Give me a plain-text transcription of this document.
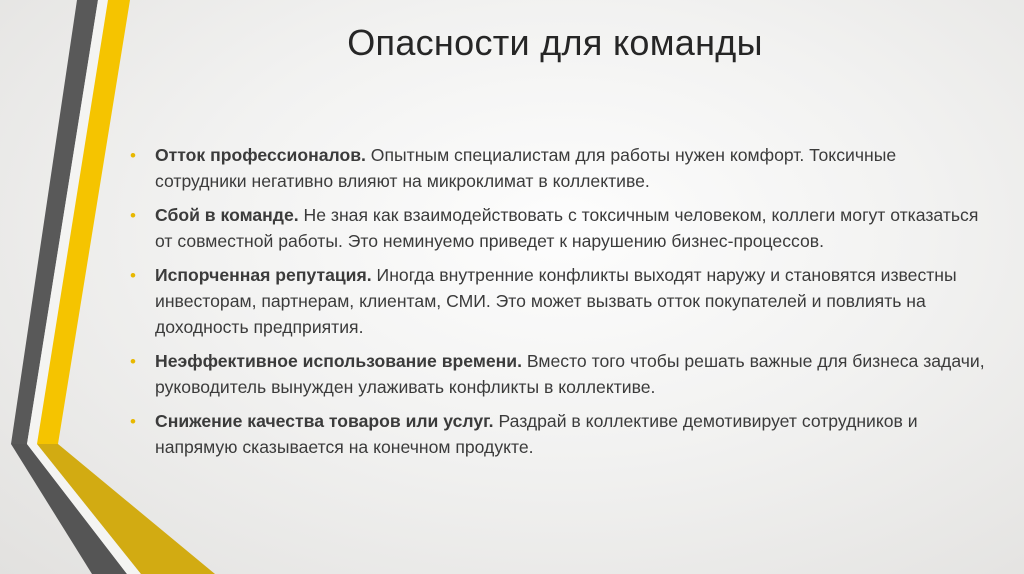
Опасности для команды
• Отток профессионалов. Опытным специалистам для работы нужен комфорт. Токсичные сотрудники негативно влияют на микроклимат в коллективе.
• Сбой в команде. Не зная как взаимодействовать с токсичным человеком, коллеги могут отказаться от совместной работы. Это неминуемо приведет к нарушению бизнес-процессов.
• Испорченная репутация. Иногда внутренние конфликты выходят наружу и становятся известны инвесторам, партнерам, клиентам, СМИ. Это может вызвать отток покупателей и повлиять на доходность предприятия.
• Неэффективное использование времени. Вместо того чтобы решать важные для бизнеса задачи, руководитель вынужден улаживать конфликты в коллективе.
• Снижение качества товаров или услуг. Раздрай в коллективе демотивирует сотрудников и напрямую сказывается на конечном продукте.
